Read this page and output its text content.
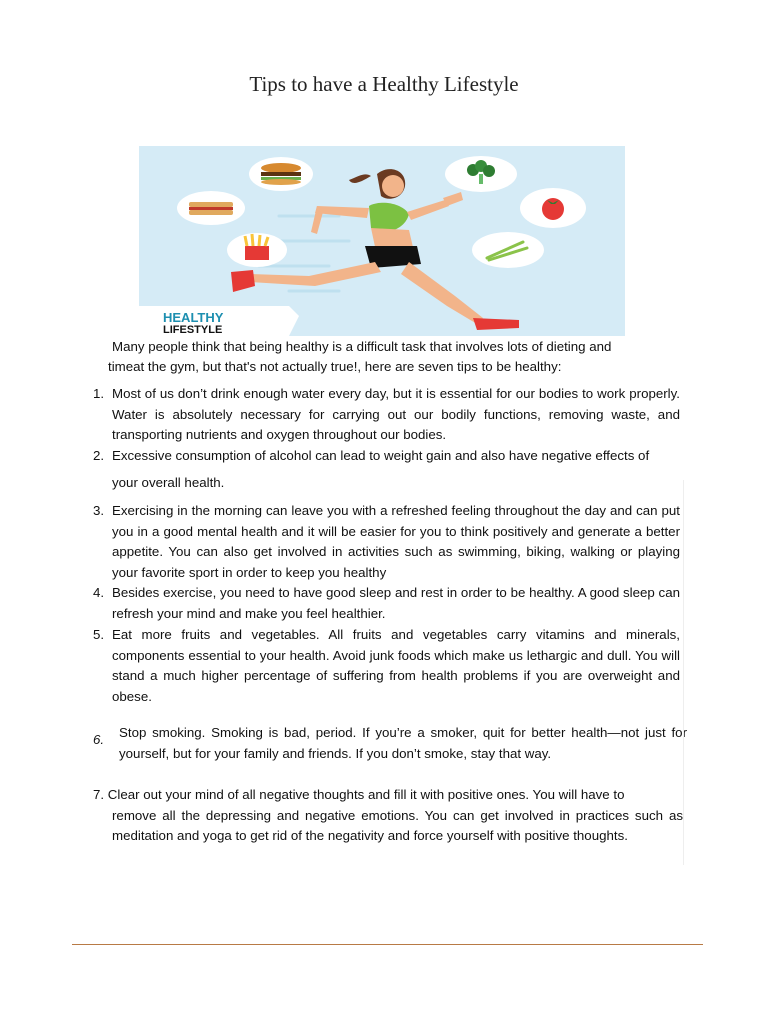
Tips to have a Healthy Lifestyle
HEALTHY
LIFESTYLE
Many people think that being healthy is a difficult task that involves lots of dieting and
timeat the gym, but that's not actually true!, here are seven tips to be healthy:
1. Most of us don’t drink enough water every day, but it is essential for our bodies to work properly. Water is absolutely necessary for carrying out our bodily functions, removing waste, and transporting nutrients and oxygen throughout our bodies.
2. Excessive consumption of alcohol can lead to weight gain and also have negative effects of
your overall health.
3. Exercising in the morning can leave you with a refreshed feeling throughout the day and can put you in a good mental health and it will be easier for you to think positively and generate a better appetite. You can also get involved in activities such as swimming, biking, walking or playing your favorite sport in order to keep you healthy
4. Besides exercise, you need to have good sleep and rest in order to be healthy. A good sleep can refresh your mind and make you feel healthier.
5. Eat more fruits and vegetables. All fruits and vegetables carry vitamins and minerals, components essential to your health. Avoid junk foods which make us lethargic and dull. You will stand a much higher percentage of suffering from health problems if you are overweight and obese.
6. Stop smoking. Smoking is bad, period. If you’re a smoker, quit for better health—not just for yourself, but for your family and friends. If you don’t smoke, stay that way.
7. Clear out your mind of all negative thoughts and fill it with positive ones. You will have to
remove all the depressing and negative emotions. You can get involved in practices such as meditation and yoga to get rid of the negativity and force yourself with positive thoughts.
